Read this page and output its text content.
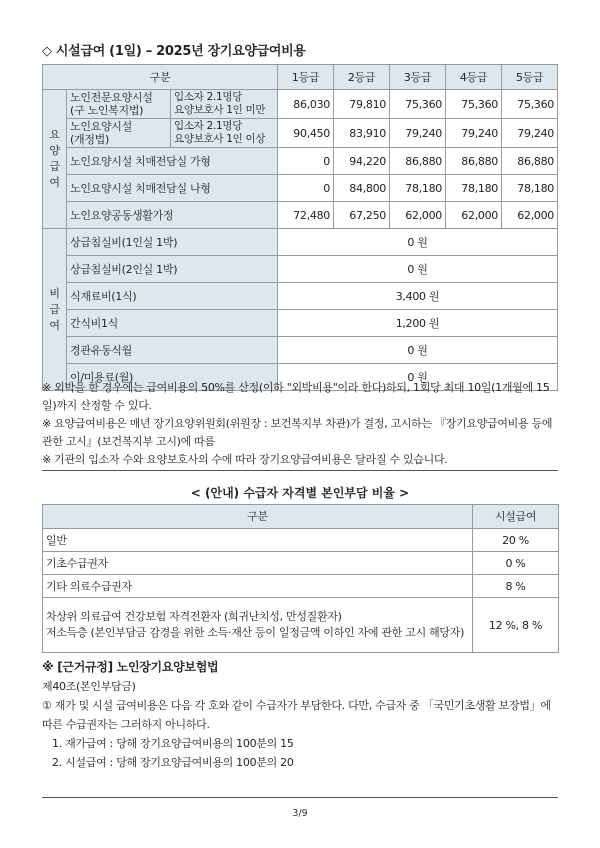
◇ 시설급여 (1일) – 2025년 장기요양급여비용
구분			1등급	2등급	3등급	4등급	5등급
요
양
급
여	노인전문요양시설
(구 노인복지법)	입소자 2.1명당
요양보호사 1인 미만	86,030	79,810	75,360	75,360	75,360
	노인요양시설
(개정법)	입소자 2.1명당
요양보호사 1인 이상	90,450	83,910	79,240	79,240	79,240
	노인요양시설 치매전담실 가형		0	94,220	86,880	86,880	86,880
	노인요양시설 치매전담실 나형		0	84,800	78,180	78,180	78,180
	노인요양공동생활가정		72,480	67,250	62,000	62,000	62,000
비
급
여	상급침실비(1인실 1박)		0 원				
	상급침실비(2인실 1박)		0 원				
	식재료비(1식)		3,400 원				
	간식비1식		1,200 원				
	경관유동식월		0 원				
	이/미용료(월)		0 원				

※ 외박을 한 경우에는 급여비용의 50%를 산정(이하 "외박비용"이라 한다)하되, 1회당 최대 10일(1개월에 15일)까지 산정할 수 있다.

※ 요양급여비용은 매년 장기요양위원회(위원장 : 보건복지부 차관)가 결정, 고시하는 『장기요양급여비용 등에 관한 고시』(보건복지부 고시)에 따름

※ 기관의 입소자 수와 요양보호사의 수에 따라 장기요양급여비용은 달라질 수 있습니다.

< (안내) 수급자 자격별 본인부담 비율 >
구분	시설급여
일반	20 %
기초수급권자	0 %
기타 의료수급권자	8 %
차상위 의료급여 건강보험 자격전환자 (희귀난치성, 만성질환자)
저소득층 (본인부담금 감경을 위한 소득·재산 등이 일정금액 이하인 자에 관한 고시 해당자)	12 %, 8 %

※ [근거규정] 노인장기요양보험법

제40조(본인부담금)

① 재가 및 시설 급여비용은 다음 각 호와 같이 수급자가 부담한다. 다만, 수급자 중 「국민기초생활 보장법」에 따른 수급권자는 그러하지 아니하다.

1. 재가급여 : 당해 장기요양급여비용의 100분의 15

2. 시설급여 : 당해 장기요양급여비용의 100분의 20

3/9
